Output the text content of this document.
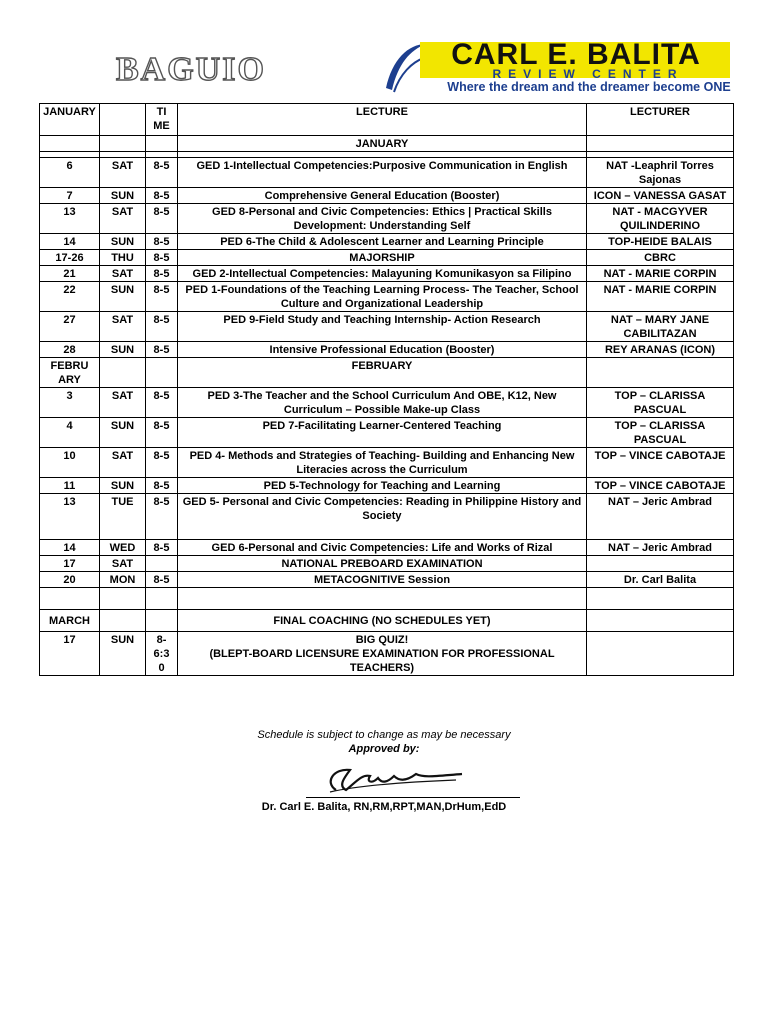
BAGUIO	CARL E. BALITA
REVIEW CENTER
Where the dream and the dreamer become ONE
JANUARY		TI ME	LECTURE	LECTURER
			JANUARY	

6	SAT	8-5	GED 1-Intellectual Competencies:Purposive Communication in English	NAT -Leaphril Torres Sajonas
7	SUN	8-5	Comprehensive General Education (Booster)	ICON – VANESSA GASAT
13	SAT	8-5	GED 8-Personal and Civic Competencies: Ethics | Practical Skills Development: Understanding Self	NAT - MACGYVER QUILINDERINO
14	SUN	8-5	PED 6-The Child & Adolescent Learner and Learning Principle	TOP-HEIDE BALAIS
17-26	THU	8-5	MAJORSHIP	CBRC
21	SAT	8-5	GED 2-Intellectual Competencies: Malayuning Komunikasyon sa Filipino	NAT - MARIE CORPIN
22	SUN	8-5	PED 1-Foundations of the Teaching Learning Process- The Teacher, School Culture and Organizational Leadership	NAT - MARIE CORPIN
27	SAT	8-5	PED 9-Field Study and Teaching Internship- Action Research	NAT – MARY JANE CABILITAZAN
28	SUN	8-5	Intensive Professional Education (Booster)	REY ARANAS (ICON)
FEBRU ARY			FEBRUARY	
3	SAT	8-5	PED 3-The Teacher and the School Curriculum And OBE, K12, New Curriculum – Possible Make-up Class	TOP – CLARISSA PASCUAL
4	SUN	8-5	PED 7-Facilitating Learner-Centered Teaching	TOP – CLARISSA PASCUAL
10	SAT	8-5	PED 4- Methods and Strategies of Teaching- Building and Enhancing New Literacies across the Curriculum	TOP – VINCE CABOTAJE
11	SUN	8-5	PED 5-Technology for Teaching and Learning	TOP – VINCE CABOTAJE
13	TUE	8-5	GED 5- Personal and Civic Competencies: Reading in Philippine History and Society	NAT – Jeric Ambrad
14	WED	8-5	GED 6-Personal and Civic Competencies: Life and Works of Rizal	NAT – Jeric Ambrad
17	SAT		NATIONAL PREBOARD EXAMINATION	
20	MON	8-5	METACOGNITIVE Session	Dr. Carl Balita

MARCH			FINAL COACHING (NO SCHEDULES YET)	
17	SUN	8- 6:3 0	BIG QUIZ!
(BLEPT-BOARD LICENSURE EXAMINATION FOR PROFESSIONAL TEACHERS)	

Schedule is subject to change as may be necessary
Approved by:
Dr. Carl E. Balita, RN,RM,RPT,MAN,DrHum,EdD
